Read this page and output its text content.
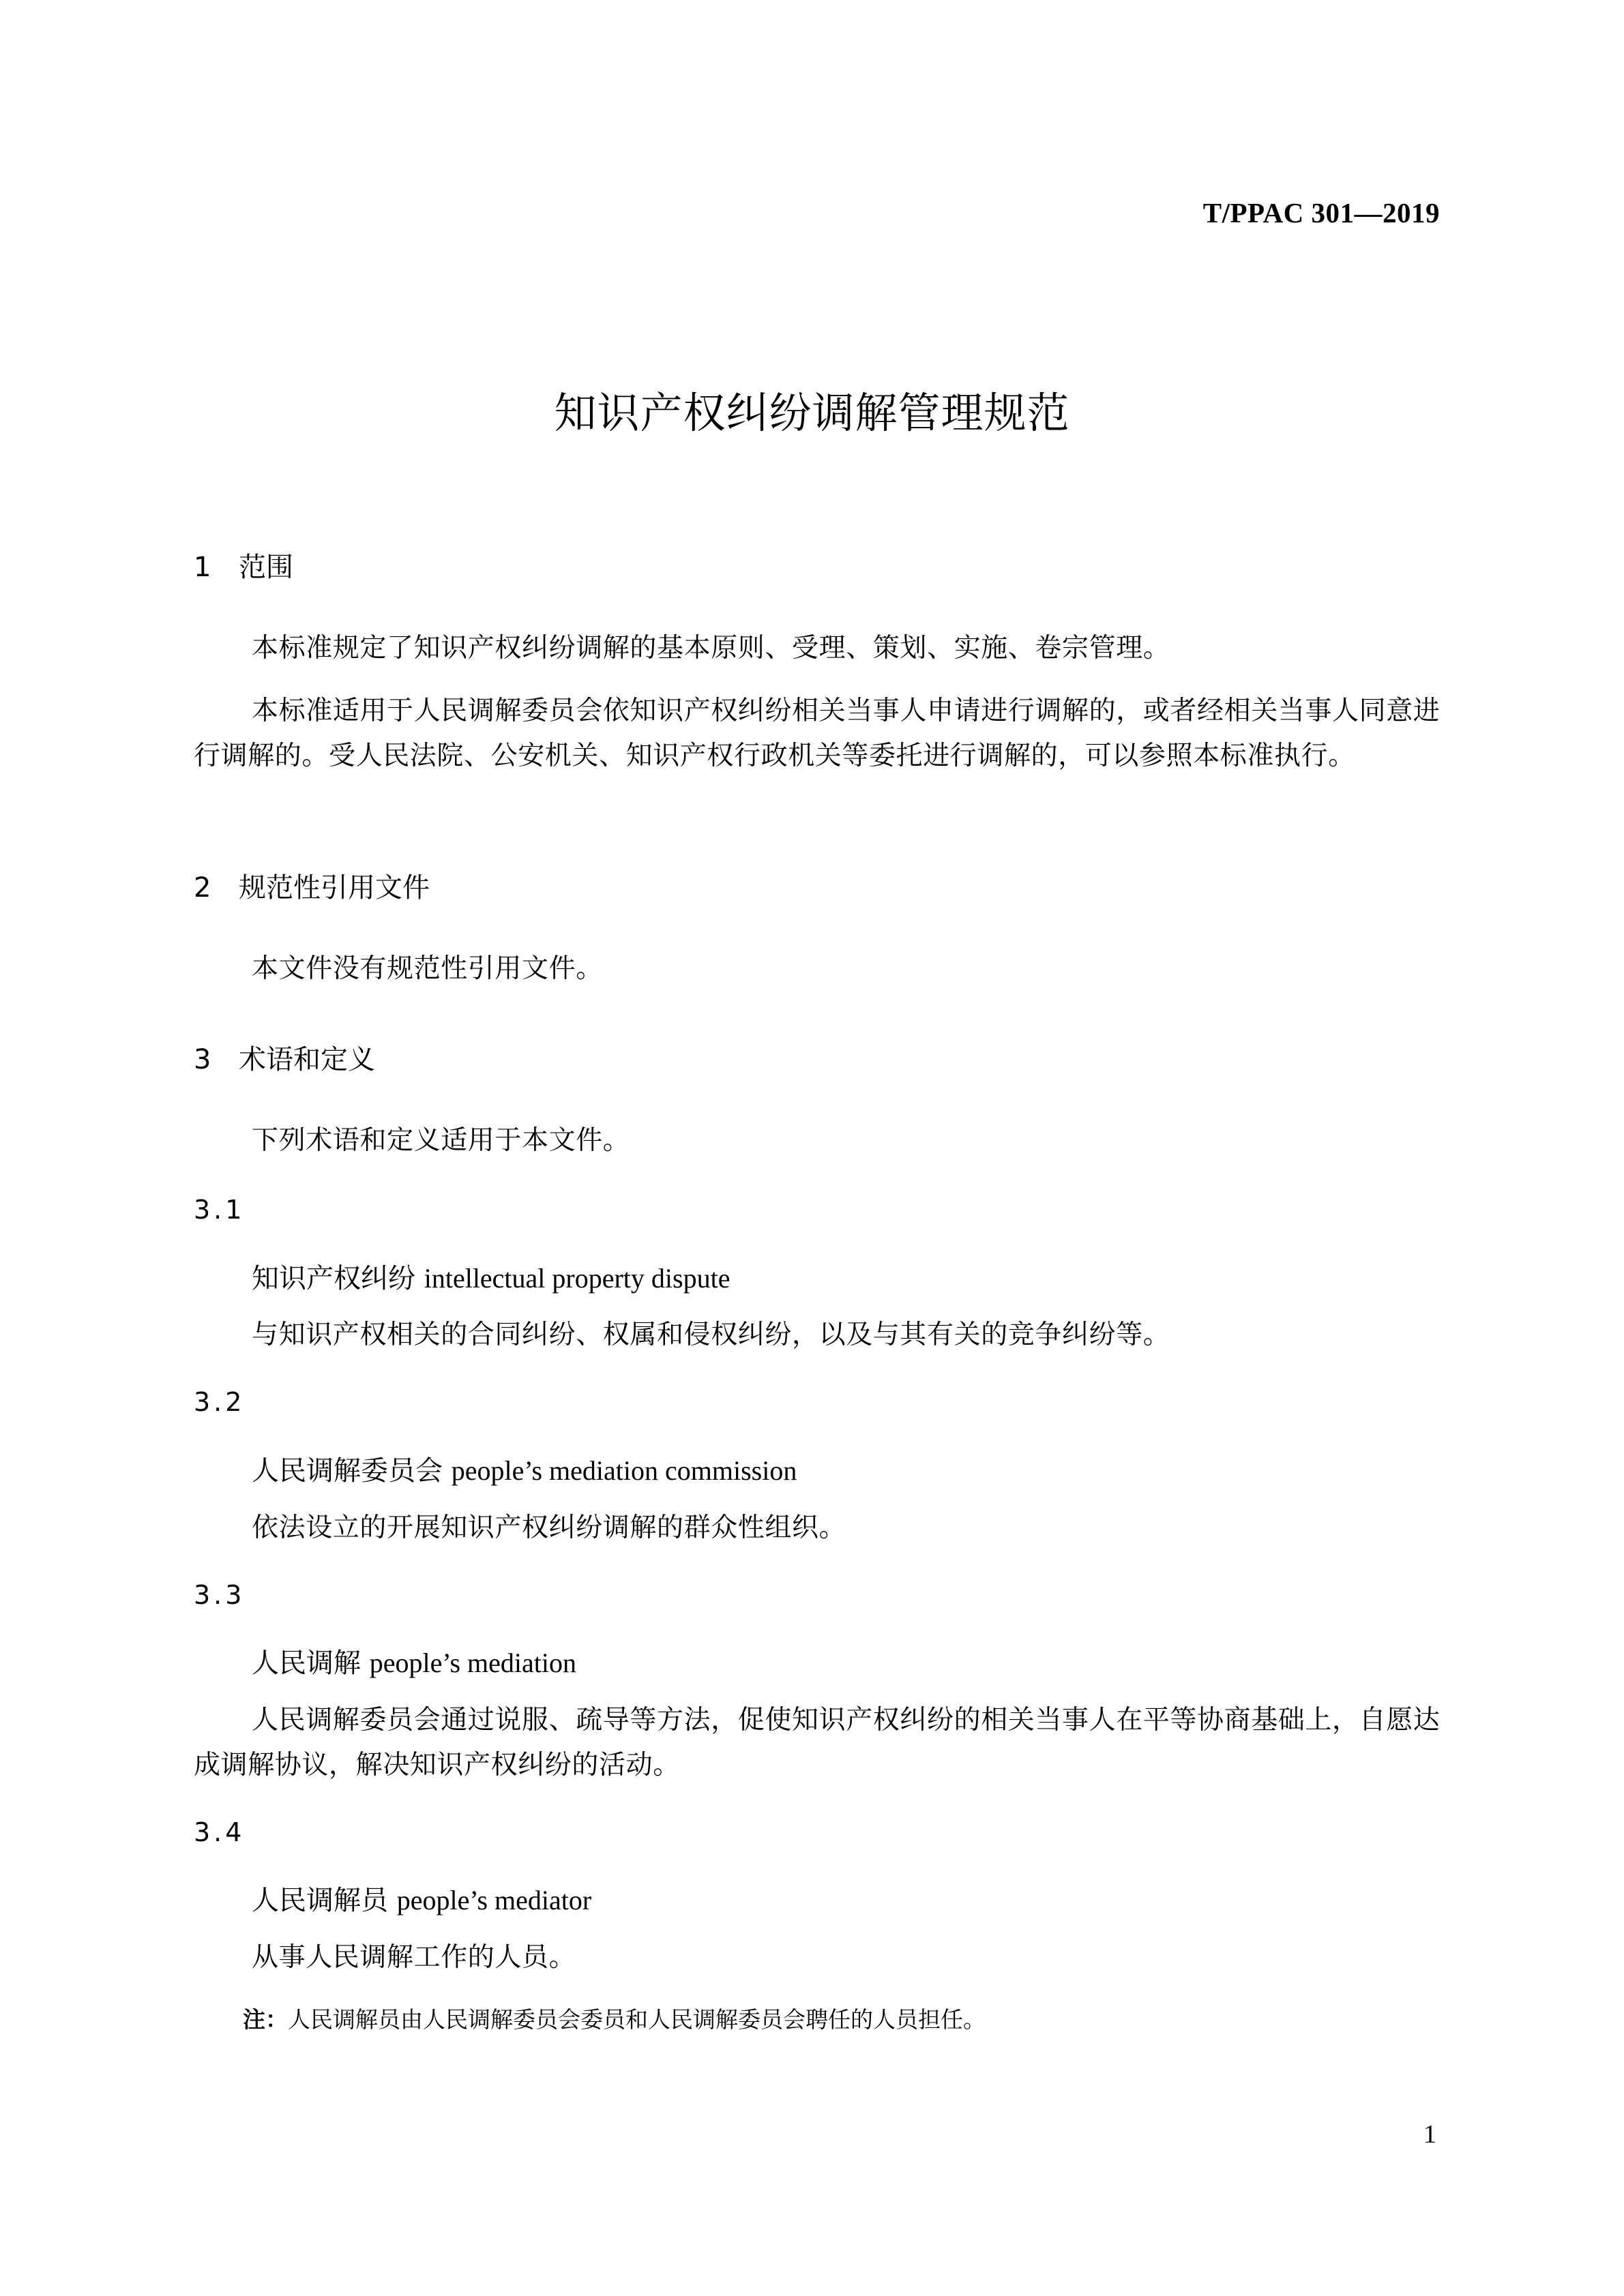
T/PPAC 301—2019
知识产权纠纷调解管理规范
1 范围
本标准规定了知识产权纠纷调解的基本原则、受理、策划、实施、卷宗管理。
本标准适用于人民调解委员会依知识产权纠纷相关当事人申请进行调解的，或者经相关当事人同意进行调解的。受人民法院、公安机关、知识产权行政机关等委托进行调解的，可以参照本标准执行。
2 规范性引用文件
本文件没有规范性引用文件。
3 术语和定义
下列术语和定义适用于本文件。
3.1
知识产权纠纷 intellectual property dispute
与知识产权相关的合同纠纷、权属和侵权纠纷，以及与其有关的竞争纠纷等。
3.2
人民调解委员会 people’s mediation commission
依法设立的开展知识产权纠纷调解的群众性组织。
3.3
人民调解 people’s mediation
人民调解委员会通过说服、疏导等方法，促使知识产权纠纷的相关当事人在平等协商基础上，自愿达成调解协议，解决知识产权纠纷的活动。
3.4
人民调解员 people’s mediator
从事人民调解工作的人员。
注：人民调解员由人民调解委员会委员和人民调解委员会聘任的人员担任。
1
